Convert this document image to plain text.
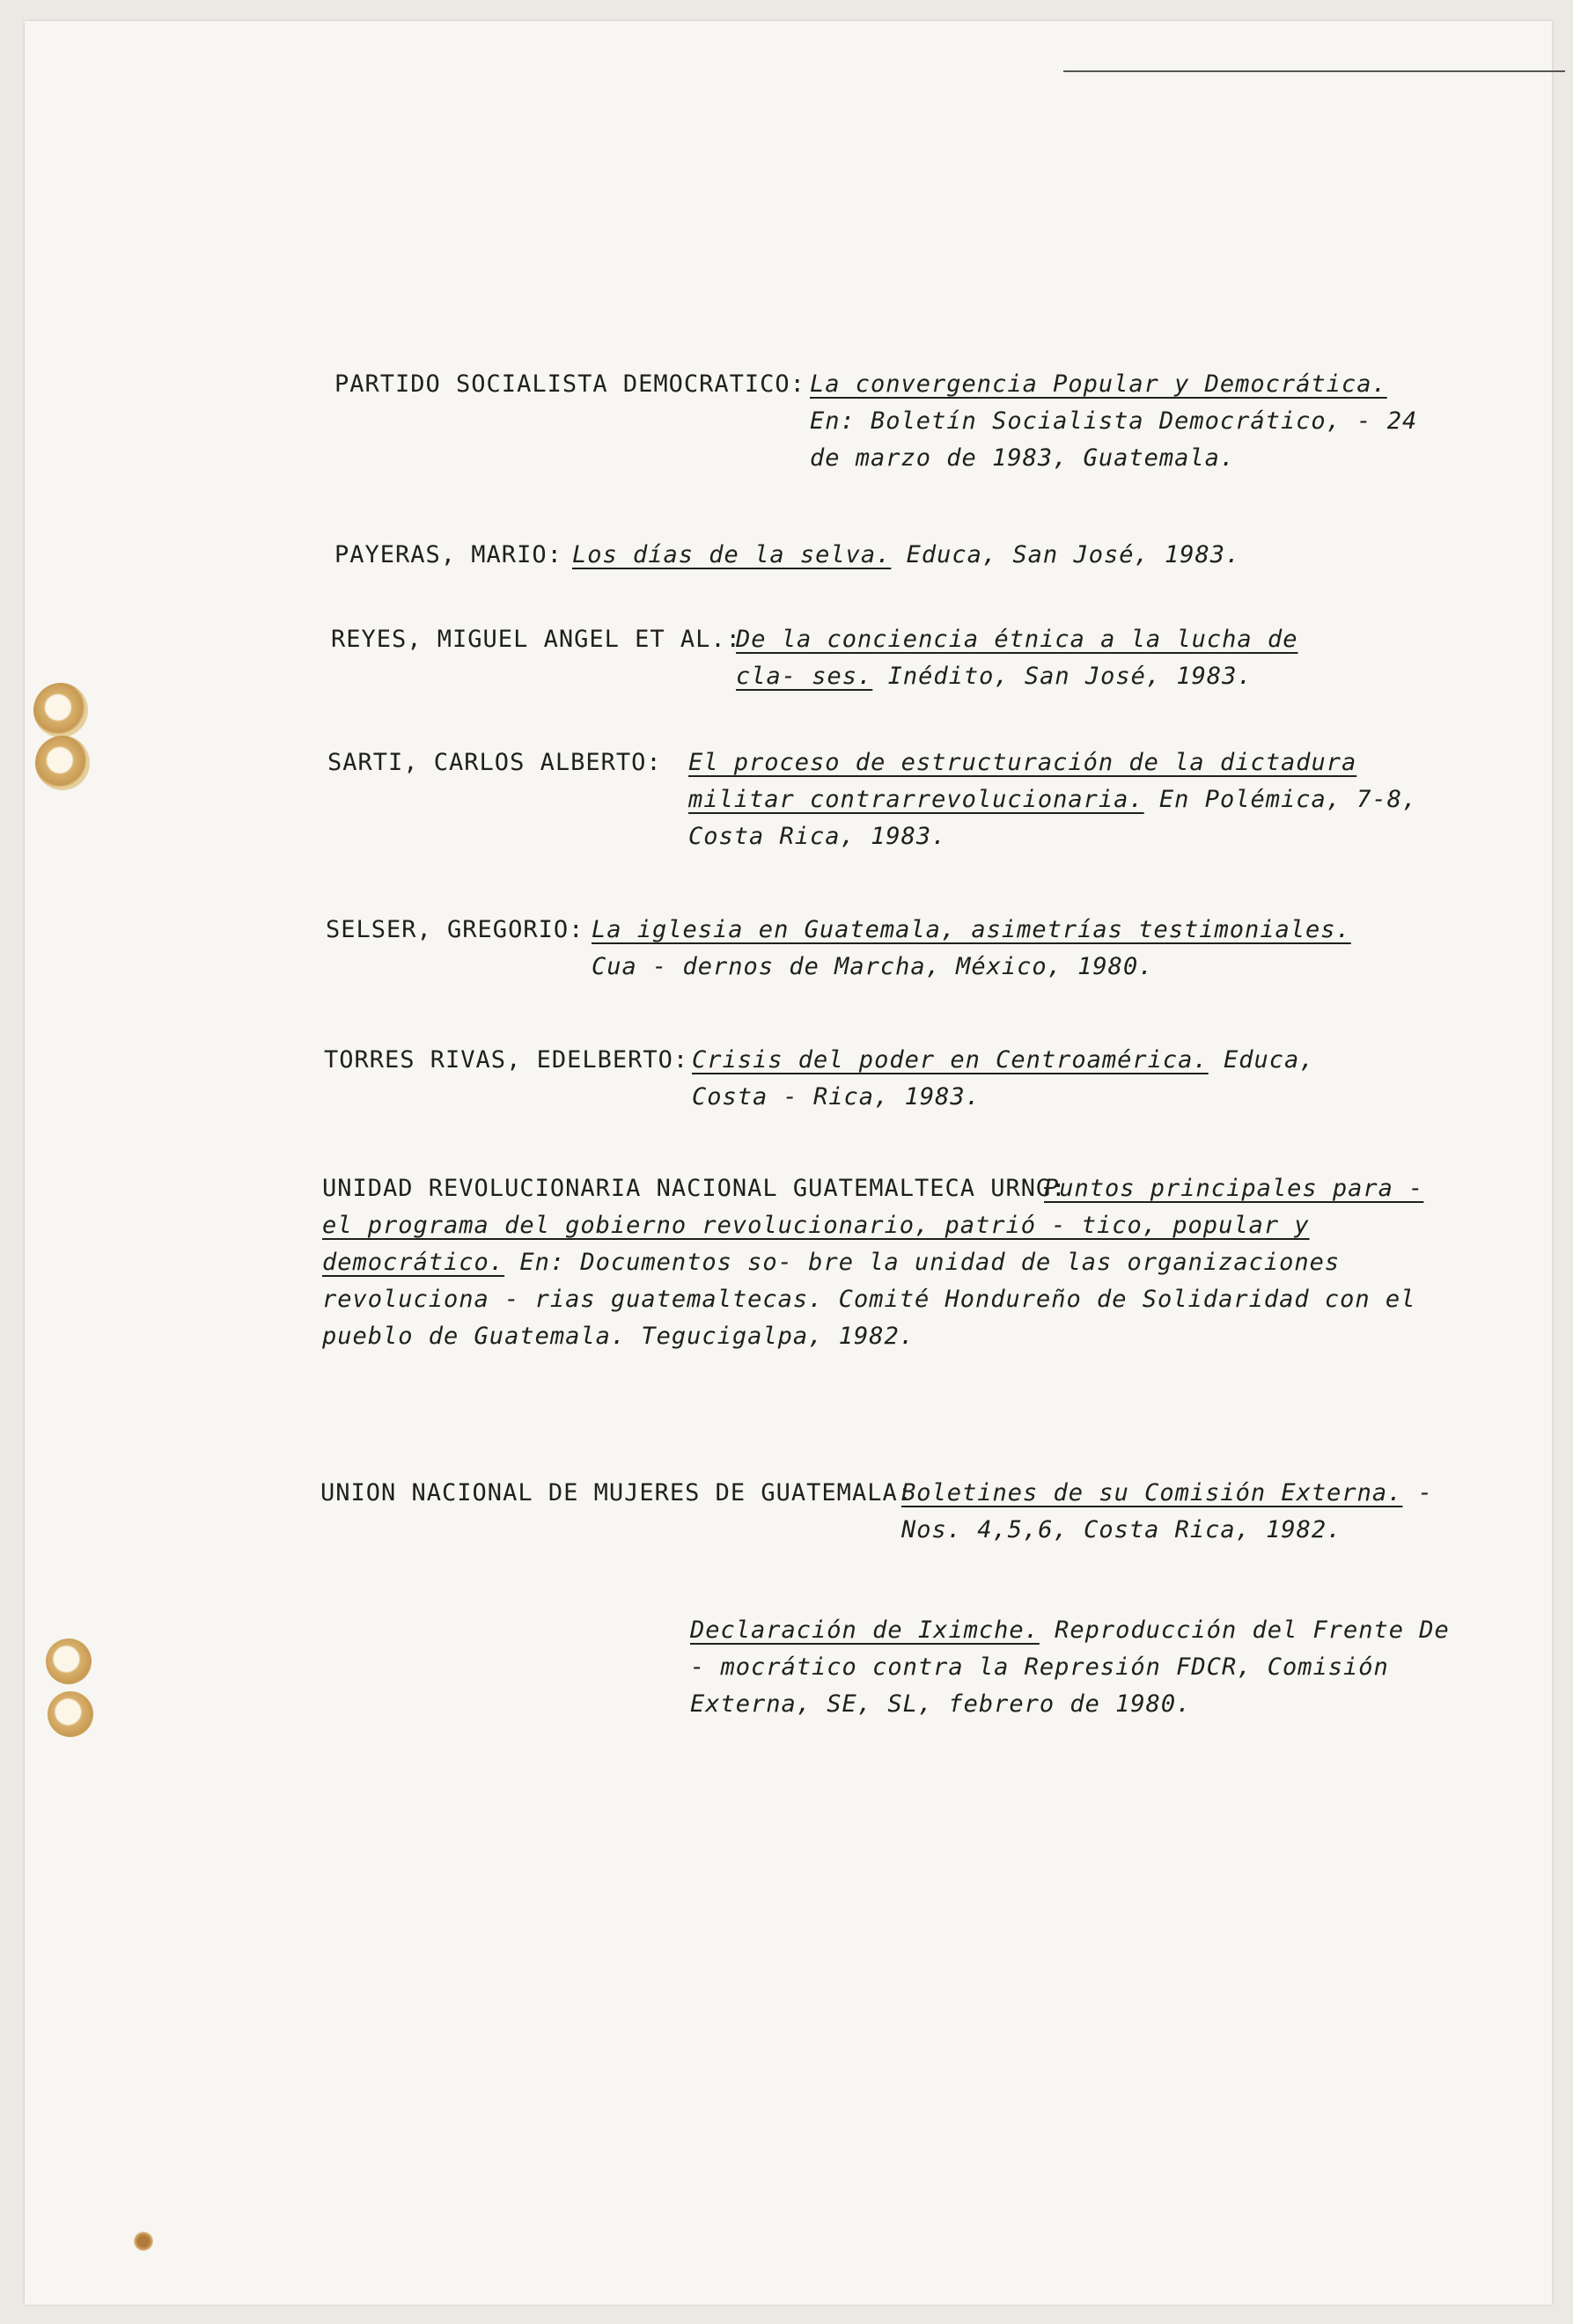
PARTIDO SOCIALISTA DEMOCRATICO: La convergencia Popular y Democrática. En: Boletín Socialista Democrático, - 24 de marzo de 1983, Guatemala.
PAYERAS, MARIO: Los días de la selva. Educa, San José, 1983.
REYES, MIGUEL ANGEL ET AL.:
De la conciencia étnica a la lucha de cla- ses. Inédito, San José, 1983.
SARTI, CARLOS ALBERTO: El proceso de estructuración de la dictadura militar contrarrevolucionaria. En Polémica, 7-8, Costa Rica, 1983.
SELSER, GREGORIO: La iglesia en Guatemala, asimetrías testimoniales. Cua - dernos de Marcha, México, 1980.
TORRES RIVAS, EDELBERTO: Crisis del poder en Centroamérica. Educa, Costa - Rica, 1983.
UNIDAD REVOLUCIONARIA NACIONAL GUATEMALTECA URNG:
Puntos principales para - el programa del gobierno revolucionario, patrió - tico, popular y democrático. En: Documentos so- bre la unidad de las organizaciones revoluciona - rias guatemaltecas. Comité Hondureño de Solidaridad con el pueblo de Guatemala. Tegucigalpa, 1982.
UNION NACIONAL DE MUJERES DE GUATEMALA:
Boletines de su Comisión Externa. - Nos. 4,5,6, Costa Rica, 1982.
Declaración de Iximche. Reproducción del Frente De - mocrático contra la Represión FDCR, Comisión Externa, SE, SL, febrero de 1980.
